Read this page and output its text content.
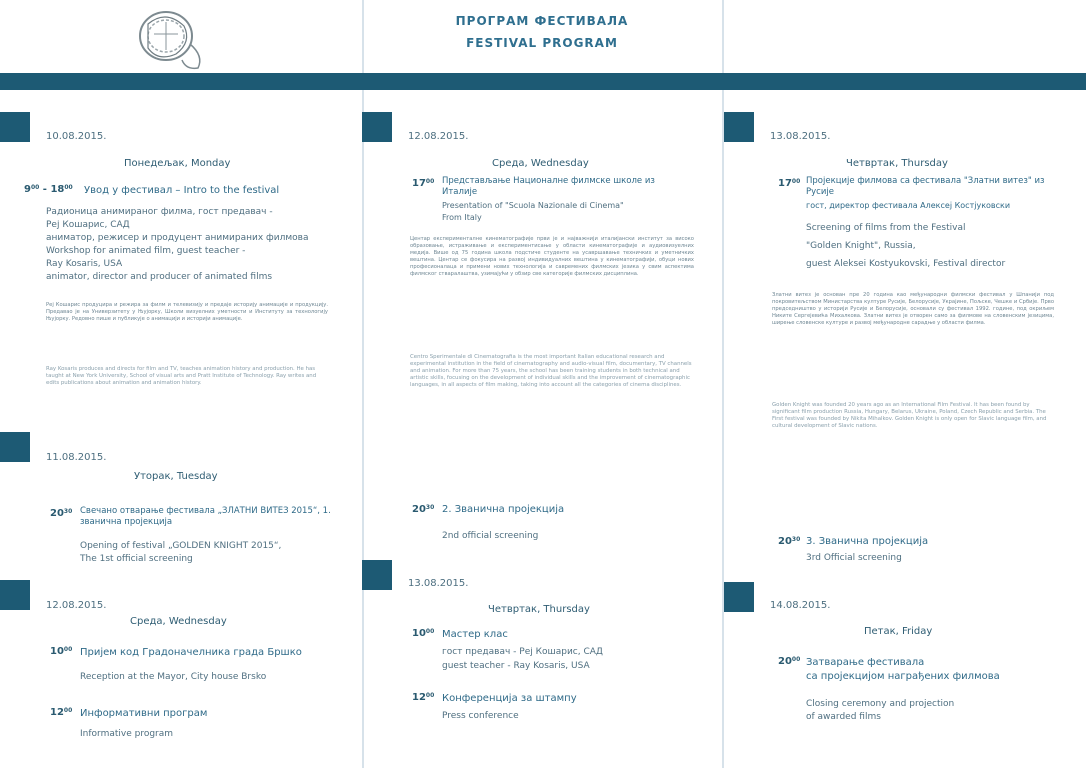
ПРОГРАМ ФЕСТИВАЛА
FESTIVAL PROGRAM
10.08.2015.
Понедељак, Monday
$9^{00} - 18^{00}$ Увод у фестивал – Intro to the festival
Радионица анимираног филма, гост предавач -
Реј Кошарис, САД
аниматор, режисер и продуцент анимираних филмова
Workshop for animated film, guest teacher -
Ray Kosaris, USA
animator, director and producer of animated films
Реј Кошарис продуцира и режира за филм и телевизију и предаје историју анимације и продукцију. Предавао је на Универзитету у Њујорку, Школи визуелних уметности и Институту за технологију Њујорку. Редовно пише и публикује о анимацији и историји анимације.
Ray Kosaris produces and directs for film and TV, teaches animation history and production. He has taught at New York University, School of visual arts and Pratt Institute of Technology. Ray writes and edits publications about animation and animation history.
11.08.2015.
Уторак, Tuesday
$20^{30}$ Свечано отварање фестивала „ЗЛАТНИ ВИТЕЗ 2015“, 1. званична пројекција
Opening of festival „GOLDEN KNIGHT 2015“,
The 1st official screening
12.08.2015.
Среда, Wednesday
$10^{00}$ Пријем код Градоначелника града Бршко
Reception at the Mayor, City house Brsko
$12^{00}$ Информативни програм
Informative program
12.08.2015.
Среда, Wednesday
$17^{00}$ Представљање Националне филмске школе из Италије
Presentation of "Scuola Nazionale di Cinema"
From Italy
Центар експерименталне кинематографије први је и најважнији италијански институт за високо образовање, истраживање и експериментисање у области кинематографије и аудиовизуелних медија. Више од 75 година школа подстиче студенте на усавршавање техничких и уметничких вештина. Центар се фокусира на развој индивидуалних вештина у кинематографији, обуци нових професионалаца и примени нових технологија и савремених филмских језика у свим аспектима филмског стваралаштва, узимајући у обзир све категорије филмских дисциплина.
Centro Sperimentale di Cinematografia is the most important Italian educational research and experimental institution in the field of cinematography and audio-visual film, documentary, TV channels and animation. For more than 75 years, the school has been training students in both technical and artistic skills, focusing on the development of individual skills and the improvement of cinematographic languages, in all aspects of film making, taking into account all the categories of cinema disciplines.
$20^{30}$ 2. Званична пројекција
2nd official screening
13.08.2015.
Четвртак, Thursday
$10^{00}$ Мастер клас
гост предавач - Реј Кошарис, САД
guest teacher - Ray Kosaris, USA
$12^{00}$ Конференција за штампу
Press conference
13.08.2015.
Четвртак, Thursday
$17^{00}$ Пројекције филмова са фестивала "Златни витез" из Русије
гост, директор фестивала Алексеј Костјуковски
Screening of films from the Festival
"Golden Knight", Russia,
guest Aleksei Kostyukovski, Festival director
Златни витез је основан пре 20 година као међународни филмски фестивал у Шпанији под покровитељством Министарства културе Русије, Белорусије, Украјине, Пољске, Чешке и Србије. Прво председништво у историји Русије и Белорусије, основали су фестивал 1992. године, под окриљем Никите Сергејевића Михалкова. Златни витез је отворен само за филмове на словенским језицима, ширење словенске културе и развој међународне сарадње у области филма.
Golden Knight was founded 20 years ago as an International Film Festival. It has been found by significant film production Russia, Hungary, Belarus, Ukraine, Poland, Czech Republic and Serbia. The First festival was founded by Nikita Mihalkov. Golden Knight is only open for Slavic language film, and cultural development of Slavic nations.
$20^{30}$ 3. Званична пројекција
3rd Official screening
14.08.2015.
Петак, Friday
$20^{00}$ Затварање фестивала
са пројекцијом награђених филмова
Closing ceremony and projection
of awarded films
